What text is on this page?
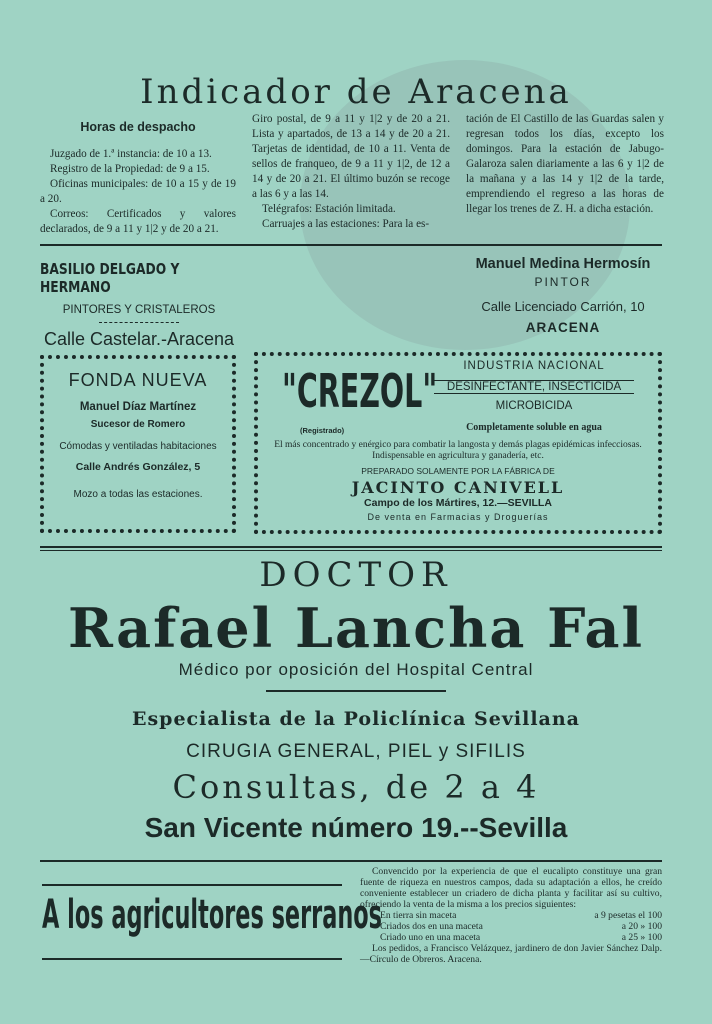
Indicador de Aracena
Horas de despacho

Juzgado de 1.ª instancia: de 10 a 13.

Registro de la Propiedad: de 9 a 15.

Oficinas municipales: de 10 a 15 y de 19 a 20.

Correos: Certificados y valores declarados, de 9 a 11 y 1|2 y de 20 a 21.

Giro postal, de 9 a 11 y 1|2 y de 20 a 21. Lista y apartados, de 13 a 14 y de 20 a 21. Tarjetas de identidad, de 10 a 11. Venta de sellos de franqueo, de 9 a 11 y 1|2, de 12 a 14 y de 20 a 21. El último buzón se recoge a las 6 y a las 14.

Telégrafos: Estación limitada.

Carruajes a las estaciones: Para la es-

tación de El Castillo de las Guardas salen y regresan todos los días, excepto los domingos. Para la estación de Jabugo-Galaroza salen diariamente a las 6 y 1|2 de la mañana y a las 14 y 1|2 de la tarde, emprendiendo el regreso a las horas de llegar los trenes de Z. H. a dicha estación.

BASILIO DELGADO Y HERMANO
PINTORES Y CRISTALEROS
Calle Castelar.-Aracena
Manuel Medina Hermosín
PINTOR
Calle Licenciado Carrión, 10
ARACENA
FONDA NUEVA
Manuel Díaz Martínez
Sucesor de Romero
Cómodas y ventiladas habitaciones
Calle Andrés González, 5
Mozo a todas las estaciones.
"CREZOL"
(Registrado)
INDUSTRIA NACIONAL
DESINFECTANTE, INSECTICIDA
MICROBICIDA
Completamente soluble en agua
El más concentrado y enérgico para combatir la langosta y demás plagas epidémicas infecciosas. Indispensable en agricultura y ganadería, etc.
PREPARADO SOLAMENTE POR LA FÁBRICA DE
JACINTO CANIVELL
Campo de los Mártires, 12.—SEVILLA
De venta en Farmacias y Droguerías
DOCTOR
Rafael Lancha Fal
Médico por oposición del Hospital Central
Especialista de la Policlínica Sevillana
CIRUGIA GENERAL, PIEL y SIFILIS
Consultas, de 2 a 4
San Vicente número 19.--Sevilla
A los agricultores serranos
Convencido por la experiencia de que el eucalipto constituye una gran fuente de riqueza en nuestros campos, dada su adaptación a ellos, he creído conveniente establecer un criadero de dicha planta y facilitar así su cultivo, ofreciendo la venta de la misma a los precios siguientes:
En tierra sin maceta	a 9 pesetas el 100
Criados dos en una maceta	a 20 » 100
Criado uno en una maceta	a 25 » 100
Los pedidos, a Francisco Velázquez, jardinero de don Javier Sánchez Dalp.—Círculo de Obreros. Aracena.
